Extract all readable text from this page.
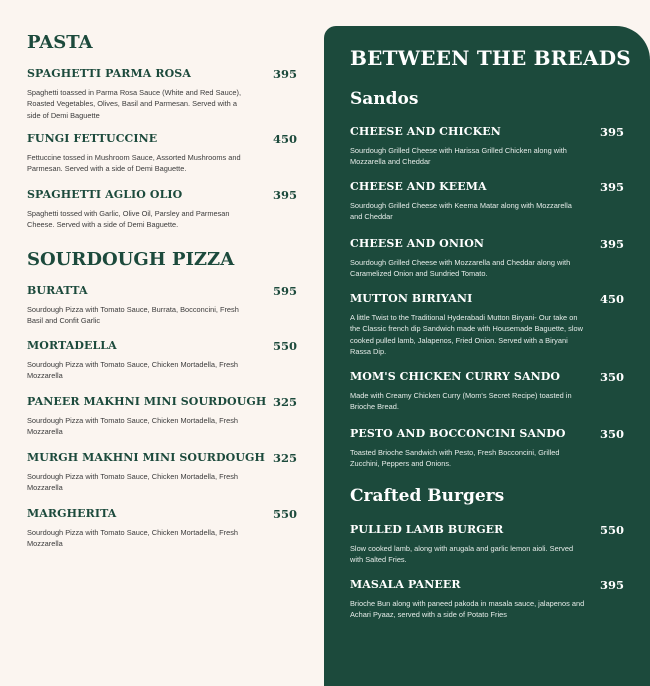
PASTA
SPAGHETTI PARMA ROSA	395
Spaghetti toassed in Parma Rosa Sauce (White and Red Sauce), Roasted Vegetables, Olives, Basil and Parmesan. Served with a side of Demi Baguette
FUNGI FETTUCCINE	450
Fettuccine tossed in Mushroom Sauce, Assorted Mushrooms and Parmesan. Served with a side of Demi Baguette.
SPAGHETTI AGLIO OLIO	395
Spaghetti tossed with Garlic, Olive Oil, Parsley and Parmesan Cheese. Served with a side of Demi Baguette.
SOURDOUGH PIZZA
BURATTA	595
Sourdough Pizza with Tomato Sauce, Burrata, Bocconcini, Fresh Basil and Confit Garlic
MORTADELLA	550
Sourdough Pizza with Tomato Sauce, Chicken Mortadella, Fresh Mozzarella
PANEER MAKHNI MINI SOURDOUGH 325
Sourdough Pizza with Tomato Sauce, Chicken Mortadella, Fresh Mozzarella
MURGH MAKHNI MINI SOURDOUGH 325
Sourdough Pizza with Tomato Sauce, Chicken Mortadella, Fresh Mozzarella
MARGHERITA	550
Sourdough Pizza with Tomato Sauce, Chicken Mortadella, Fresh Mozzarella
BETWEEN THE BREADS
Sandos
CHEESE AND CHICKEN	395
Sourdough Grilled Cheese with Harissa Grilled Chicken along with Mozzarella and Cheddar
CHEESE AND KEEMA	395
Sourdough Grilled Cheese with Keema Matar along with Mozzarella and Cheddar
CHEESE AND ONION	395
Sourdough Grilled Cheese with Mozzarella and Cheddar along with Caramelized Onion and Sundried Tomato.
MUTTON BIRIYANI	450
A little Twist to the Traditional Hyderabadi Mutton Biryani- Our take on the Classic french dip Sandwich made with Housemade Baguette, slow cooked pulled lamb, Jalapenos, Fried Onion. Served with a Biryani Rassa Dip.
MOM'S CHICKEN CURRY SANDO	350
Made with Creamy Chicken Curry (Mom's Secret Recipe) toasted in Brioche Bread.
PESTO AND BOCCONCINI SANDO	350
Toasted Brioche Sandwich with Pesto, Fresh Bocconcini, Grilled Zucchini, Peppers and Onions.
Crafted Burgers
PULLED LAMB BURGER	550
Slow cooked lamb, along with arugala and garlic lemon aioli. Served with Salted Fries.
MASALA PANEER	395
Brioche Bun along with paneed pakoda in masala sauce, jalapenos and Achari Pyaaz, served with a side of Potato Fries
